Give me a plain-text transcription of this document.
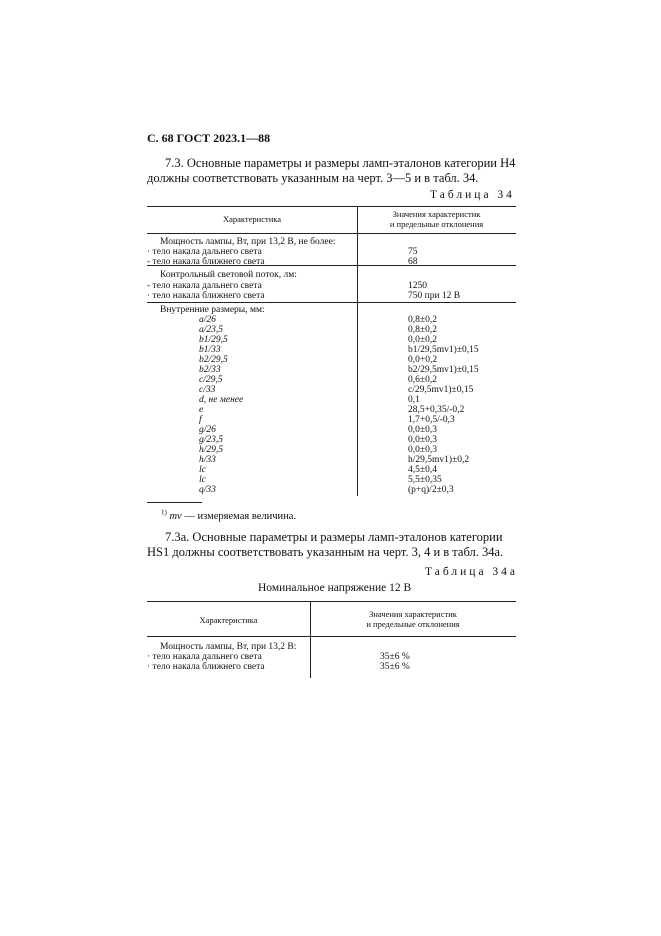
С. 68 ГОСТ 2023.1—88
7.3. Основные параметры и размеры ламп-эталонов категории Н4
должны соответствовать указанным на черт. 3—5 и в табл. 34.
Таблица 34
Характеристика	Значения характеристик
и предельные отклонения
Мощность лампы, Вт, при 13,2 В, не более:
· тело накала дальнего света
- тело накала ближнего света
75
68
Контрольный световой поток, лм:
- тело накала дальнего света
· тело накала ближнего света
1250
750 при 12 В
Внутренние размеры, мм:
a/26
a/23,5
b1/29,5
b1/33
b2/29,5
b2/33
c/29,5
c/33
d, не менее
e
f
g/26
g/23,5
h/29,5
h/33
lc
lc
q/33
0,8±0,2
0,8±0,2
0,0±0,2
b1/29,5mv1)±0,15
0,0+0,2
b2/29,5mv1)±0,15
0,6±0,2
c/29,5mv1)±0,15
0,1
28,5+0,35/-0,2
1,7+0,5/-0,3
0,0±0,3
0,0±0,3
0,0±0,3
h/29,5mv1)±0,2
4,5±0,4
5,5±0,35
(p+q)/2±0,3
$^{1)}$ mv — измеряемая величина.
7.3а. Основные параметры и размеры ламп-эталонов категории
HS1 должны соответствовать указанным на черт. 3, 4 и в табл. 34а.
Таблица 34а
Номинальное напряжение 12 В
Характеристика
Значения характеристик
и предельные отклонения
Мощность лампы, Вт, при 13,2 В:
· тело накала дальнего света
· тело накала ближнего света
35±6 %
35±6 %
